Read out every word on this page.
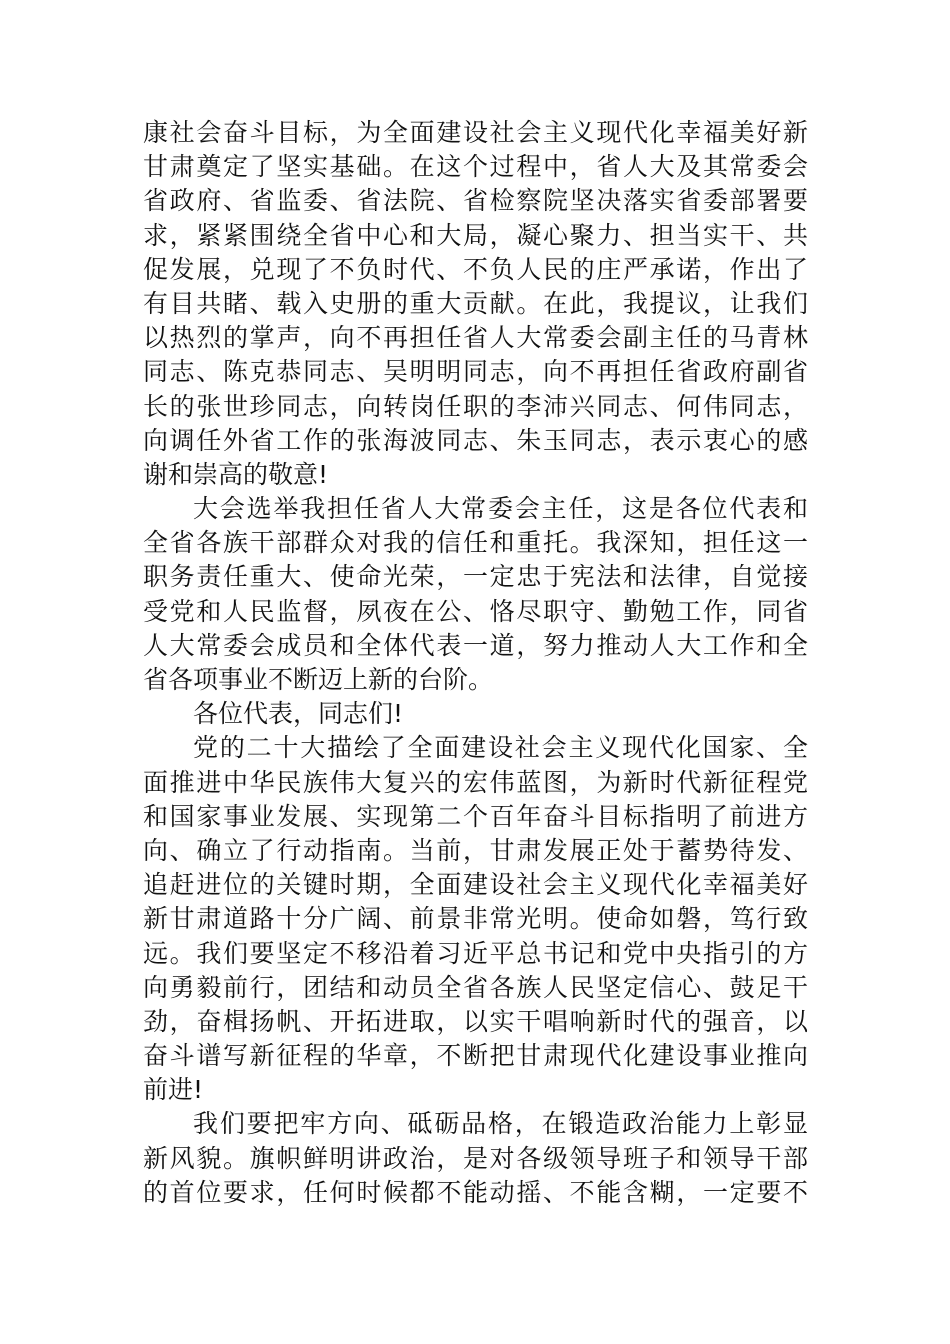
康社会奋斗目标，为全面建设社会主义现代化幸福美好新
甘肃奠定了坚实基础。在这个过程中，省人大及其常委会
省政府、省监委、省法院、省检察院坚决落实省委部署要
求，紧紧围绕全省中心和大局，凝心聚力、担当实干、共
促发展，兑现了不负时代、不负人民的庄严承诺，作出了
有目共睹、载入史册的重大贡献。在此，我提议，让我们
以热烈的掌声，向不再担任省人大常委会副主任的马青林
同志、陈克恭同志、吴明明同志，向不再担任省政府副省
长的张世珍同志，向转岗任职的李沛兴同志、何伟同志，
向调任外省工作的张海波同志、朱玉同志，表示衷心的感
谢和崇高的敬意!
大会选举我担任省人大常委会主任，这是各位代表和
全省各族干部群众对我的信任和重托。我深知，担任这一
职务责任重大、使命光荣，一定忠于宪法和法律，自觉接
受党和人民监督，夙夜在公、恪尽职守、勤勉工作，同省
人大常委会成员和全体代表一道，努力推动人大工作和全
省各项事业不断迈上新的台阶。
各位代表，同志们!
党的二十大描绘了全面建设社会主义现代化国家、全
面推进中华民族伟大复兴的宏伟蓝图，为新时代新征程党
和国家事业发展、实现第二个百年奋斗目标指明了前进方
向、确立了行动指南。当前，甘肃发展正处于蓄势待发、
追赶进位的关键时期，全面建设社会主义现代化幸福美好
新甘肃道路十分广阔、前景非常光明。使命如磐，笃行致
远。我们要坚定不移沿着习近平总书记和党中央指引的方
向勇毅前行，团结和动员全省各族人民坚定信心、鼓足干
劲，奋楫扬帆、开拓进取，以实干唱响新时代的强音，以
奋斗谱写新征程的华章，不断把甘肃现代化建设事业推向
前进!
我们要把牢方向、砥砺品格，在锻造政治能力上彰显
新风貌。旗帜鲜明讲政治，是对各级领导班子和领导干部
的首位要求，任何时候都不能动摇、不能含糊，一定要不
